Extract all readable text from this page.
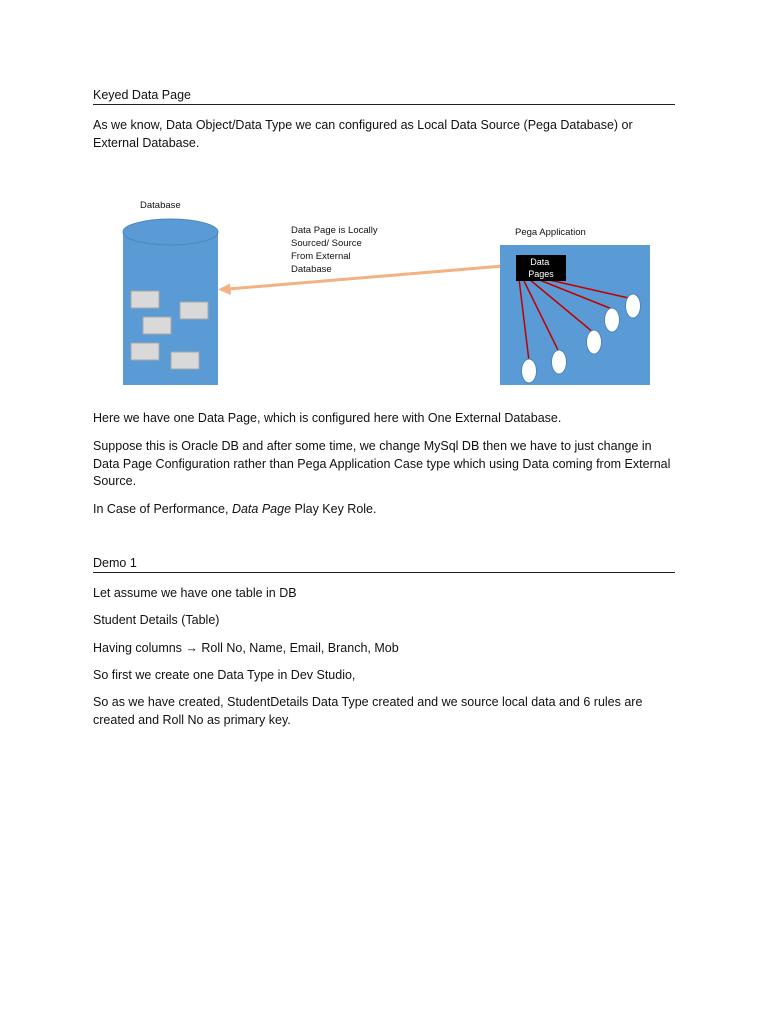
Keyed Data Page

As we know, Data Object/Data Type we can configured as Local Data Source (Pega Database) or External Database.

Database
Data Page is Locally Sourced/ Source From External Database
Pega Application
Data Pages

Here we have one Data Page, which is configured here with One External Database.

Suppose this is Oracle DB and after some time, we change MySql DB then we have to just change in Data Page Configuration rather than Pega Application Case type which using Data coming from External Source.

In Case of Performance, Data Page Play Key Role.

Demo 1

Let assume we have one table in DB

Student Details (Table)

Having columns → Roll No, Name, Email, Branch, Mob

So first we create one Data Type in Dev Studio,

So as we have created, StudentDetails Data Type created and we source local data and 6 rules are created and Roll No as primary key.
